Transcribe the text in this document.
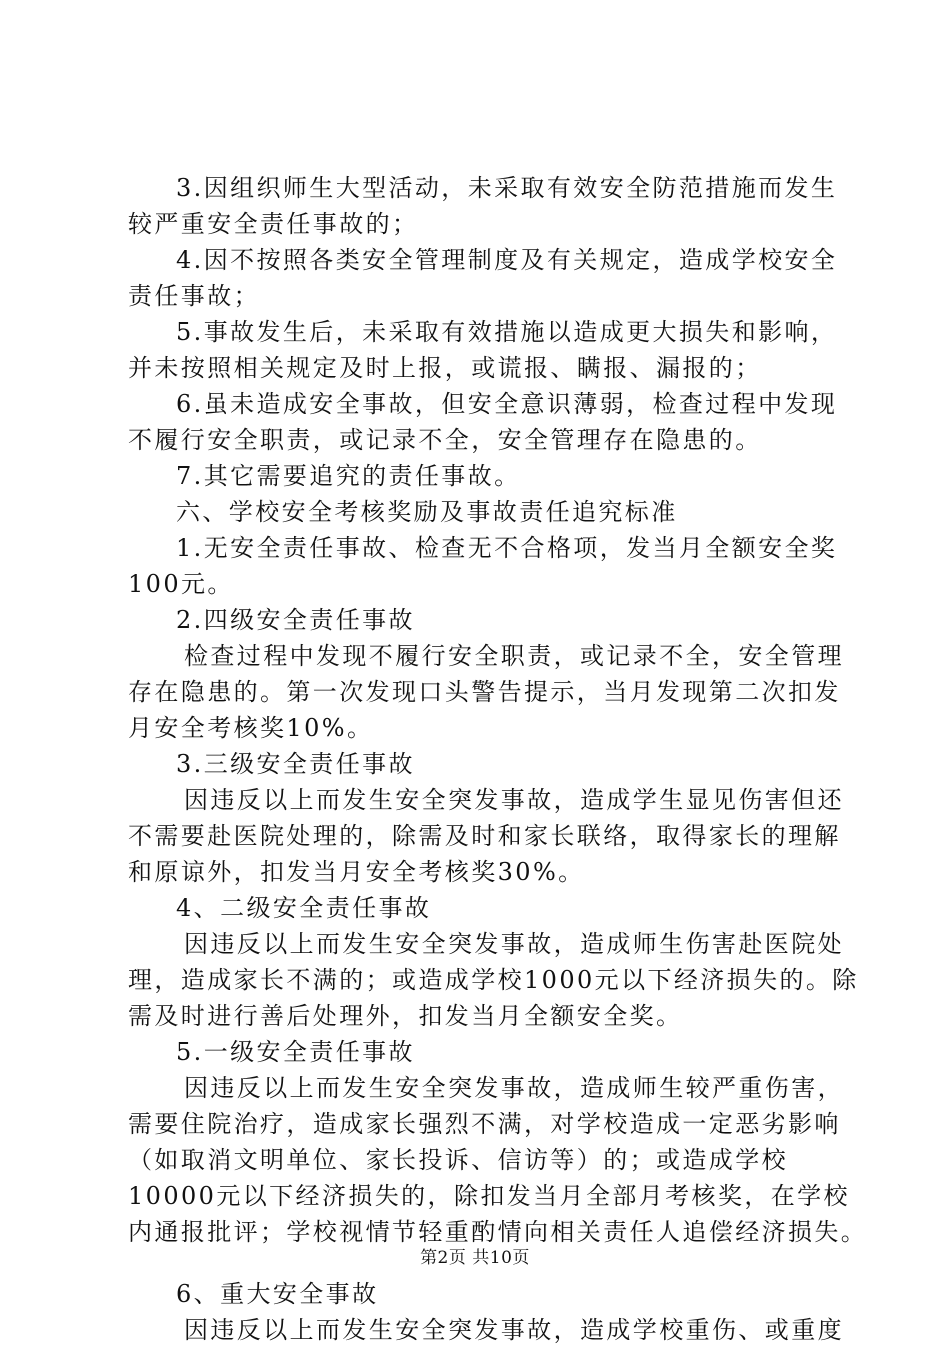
3.因组织师生大型活动，未采取有效安全防范措施而发生
较严重安全责任事故的；
4.因不按照各类安全管理制度及有关规定，造成学校安全
责任事故；
5.事故发生后，未采取有效措施以造成更大损失和影响，
并未按照相关规定及时上报，或谎报、瞒报、漏报的；
6.虽未造成安全事故，但安全意识薄弱，检查过程中发现
不履行安全职责，或记录不全，安全管理存在隐患的。
7.其它需要追究的责任事故。
六、学校安全考核奖励及事故责任追究标准
1.无安全责任事故、检查无不合格项，发当月全额安全奖
100元。
2.四级安全责任事故
检查过程中发现不履行安全职责，或记录不全，安全管理
存在隐患的。第一次发现口头警告提示，当月发现第二次扣发
月安全考核奖10%。
3.三级安全责任事故
因违反以上而发生安全突发事故，造成学生显见伤害但还
不需要赴医院处理的，除需及时和家长联络，取得家长的理解
和原谅外，扣发当月安全考核奖30%。
4、二级安全责任事故
因违反以上而发生安全突发事故，造成师生伤害赴医院处
理，造成家长不满的；或造成学校1000元以下经济损失的。除
需及时进行善后处理外，扣发当月全额安全奖。
5.一级安全责任事故
因违反以上而发生安全突发事故，造成师生较严重伤害，
需要住院治疗，造成家长强烈不满，对学校造成一定恶劣影响
（如取消文明单位、家长投诉、信访等）的；或造成学校
10000元以下经济损失的，除扣发当月全部月考核奖，在学校
内通报批评；学校视情节轻重酌情向相关责任人追偿经济损失。
6、重大安全事故
因违反以上而发生安全突发事故，造成学校重伤、或重度
第2页 共10页
